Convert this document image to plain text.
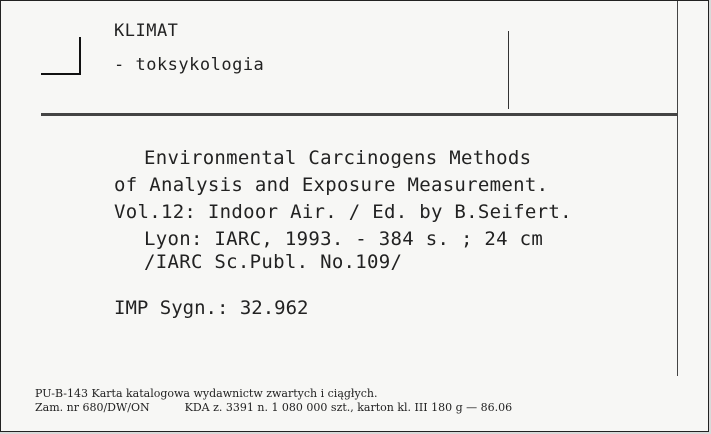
KLIMAT
- toksykologia
Environmental Carcinogens Methods
of Analysis and Exposure Measurement.
Vol.12: Indoor Air. / Ed. by B.Seifert.
Lyon: IARC, 1993. - 384 s. ; 24 cm
/IARC Sc.Publ. No.109/
IMP Sygn.: 32.962
PU-B-143 Karta katalogowa wydawnictw zwartych i ciągłych.
Zam. nr 680/DW/ON          KDA z. 3391 n. 1 080 000 szt., karton kl. III 180 g — 86.06
